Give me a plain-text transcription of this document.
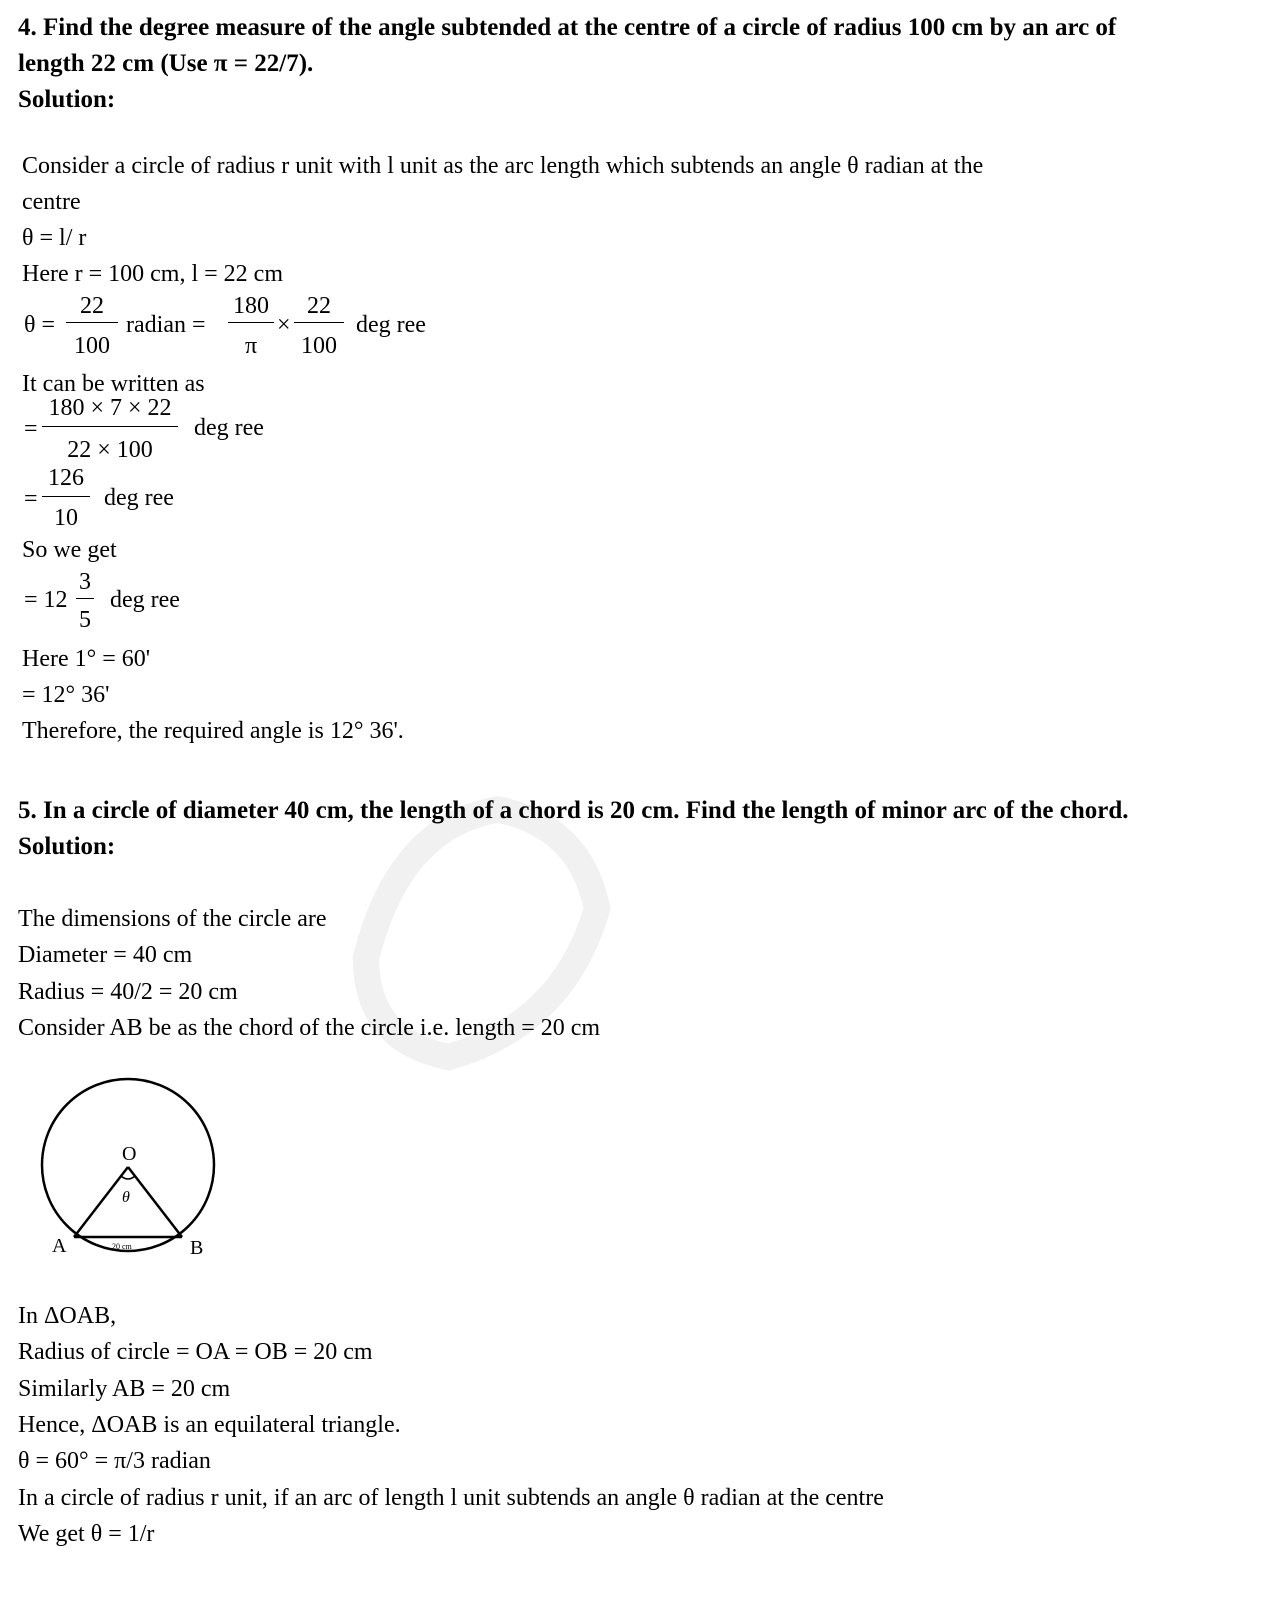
4. Find the degree measure of the angle subtended at the centre of a circle of radius 100 cm by an arc of
length 22 cm (Use π = 22/7).
Solution:
Consider a circle of radius r unit with l unit as the arc length which subtends an angle θ radian at the
centre
θ = l/ r
Here r = 100 cm, l = 22 cm
θ =
22
100
radian =
180
π
×
22
100
deg ree
It can be written as
=
180 × 7 × 22
22 × 100
deg ree
=
126
10
deg ree
So we get
= 12
3
5
deg ree
Here 1° = 60'
= 12° 36'
Therefore, the required angle is 12° 36'.
5. In a circle of diameter 40 cm, the length of a chord is 20 cm. Find the length of minor arc of the chord.
Solution:
The dimensions of the circle are
Diameter = 40 cm
Radius = 40/2 = 20 cm
Consider AB be as the chord of the circle i.e. length = 20 cm
O
θ
A	B
20 cm
In ΔOAB,
Radius of circle = OA = OB = 20 cm
Similarly AB = 20 cm
Hence, ΔOAB is an equilateral triangle.
θ = 60° = π/3 radian
In a circle of radius r unit, if an arc of length l unit subtends an angle θ radian at the centre
We get θ = 1/r
